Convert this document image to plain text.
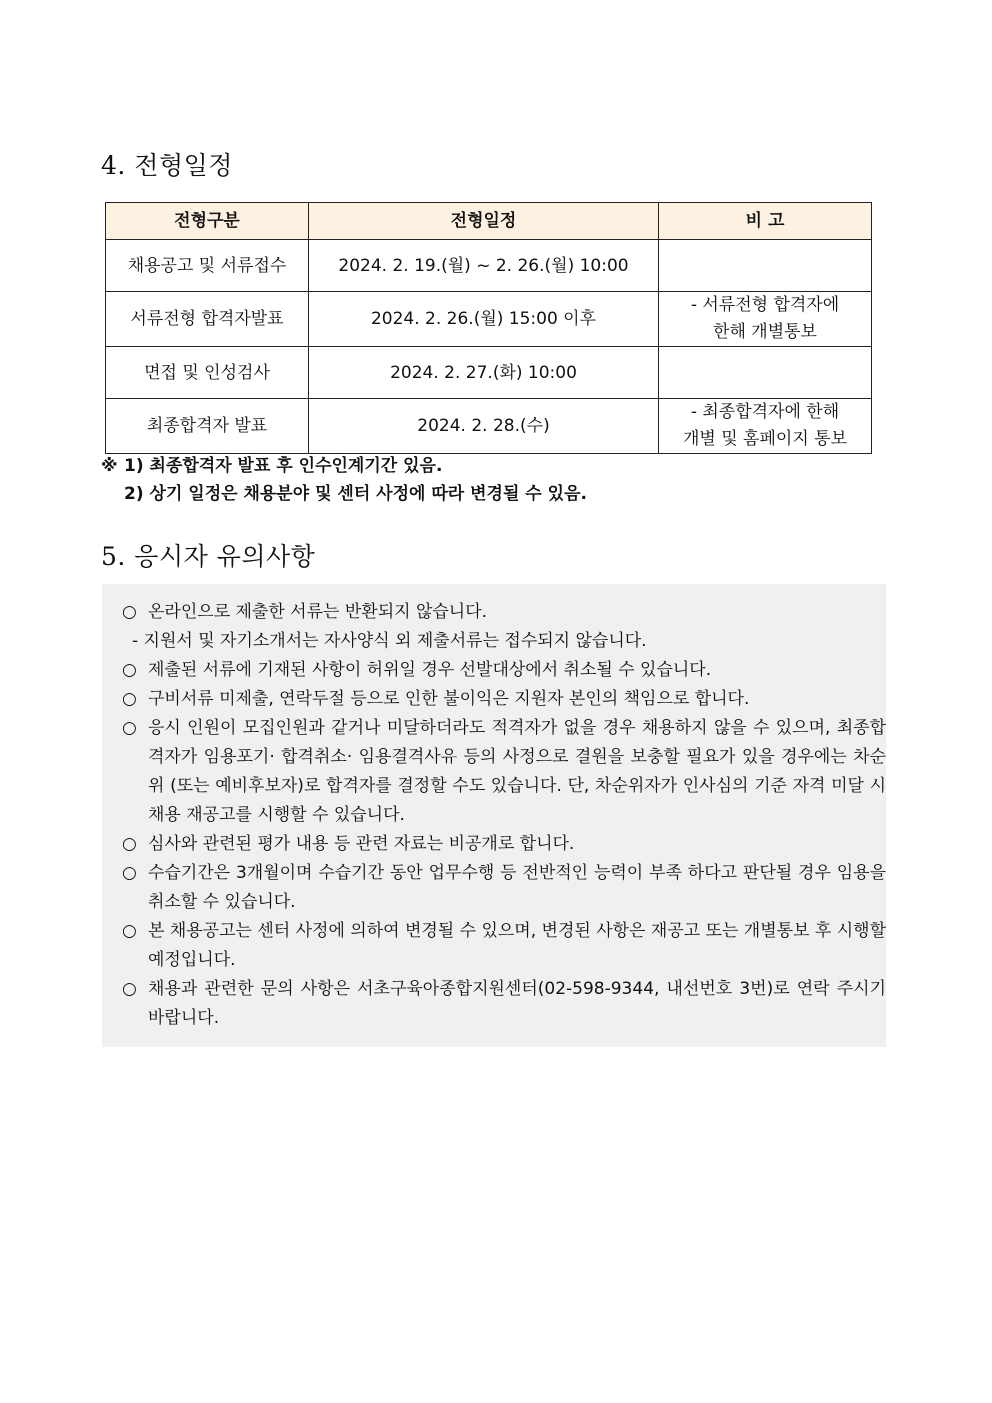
4. 전형일정
전형구분	전형일정	비 고
채용공고 및 서류접수	2024. 2. 19.(월) ~ 2. 26.(월) 10:00	

서류전형 합격자발표	2024. 2. 26.(월) 15:00 이후	- 서류전형 합격자에
한해 개별통보

면접 및 인성검사	2024. 2. 27.(화) 10:00	

최종합격자 발표	2024. 2. 28.(수)	- 최종합격자에 한해
개별 및 홈페이지 통보
※ 1) 최종합격자 발표 후 인수인계기간 있음.
2) 상기 일정은 채용분야 및 센터 사정에 따라 변경될 수 있음.
5. 응시자 유의사항
○ 온라인으로 제출한 서류는 반환되지 않습니다.
- 지원서 및 자기소개서는 자사양식 외 제출서류는 접수되지 않습니다.
○ 제출된 서류에 기재된 사항이 허위일 경우 선발대상에서 취소될 수 있습니다.
○ 구비서류 미제출, 연락두절 등으로 인한 불이익은 지원자 본인의 책임으로 합니다.
○ 응시 인원이 모집인원과 같거나 미달하더라도 적격자가 없을 경우 채용하지 않을 수 있으며, 최종합격자가 임용포기· 합격취소· 임용결격사유 등의 사정으로 결원을 보충할 필요가 있을 경우에는 차순위 (또는 예비후보자)로 합격자를 결정할 수도 있습니다. 단, 차순위자가 인사심의 기준 자격 미달 시 채용 재공고를 시행할 수 있습니다.
○ 심사와 관련된 평가 내용 등 관련 자료는 비공개로 합니다.
○ 수습기간은 3개월이며 수습기간 동안 업무수행 등 전반적인 능력이 부족 하다고 판단될 경우 임용을 취소할 수 있습니다.
○ 본 채용공고는 센터 사정에 의하여 변경될 수 있으며, 변경된 사항은 재공고 또는 개별통보 후 시행할 예정입니다.
○ 채용과 관련한 문의 사항은 서초구육아종합지원센터(02-598-9344, 내선번호 3번)로 연락 주시기 바랍니다.
